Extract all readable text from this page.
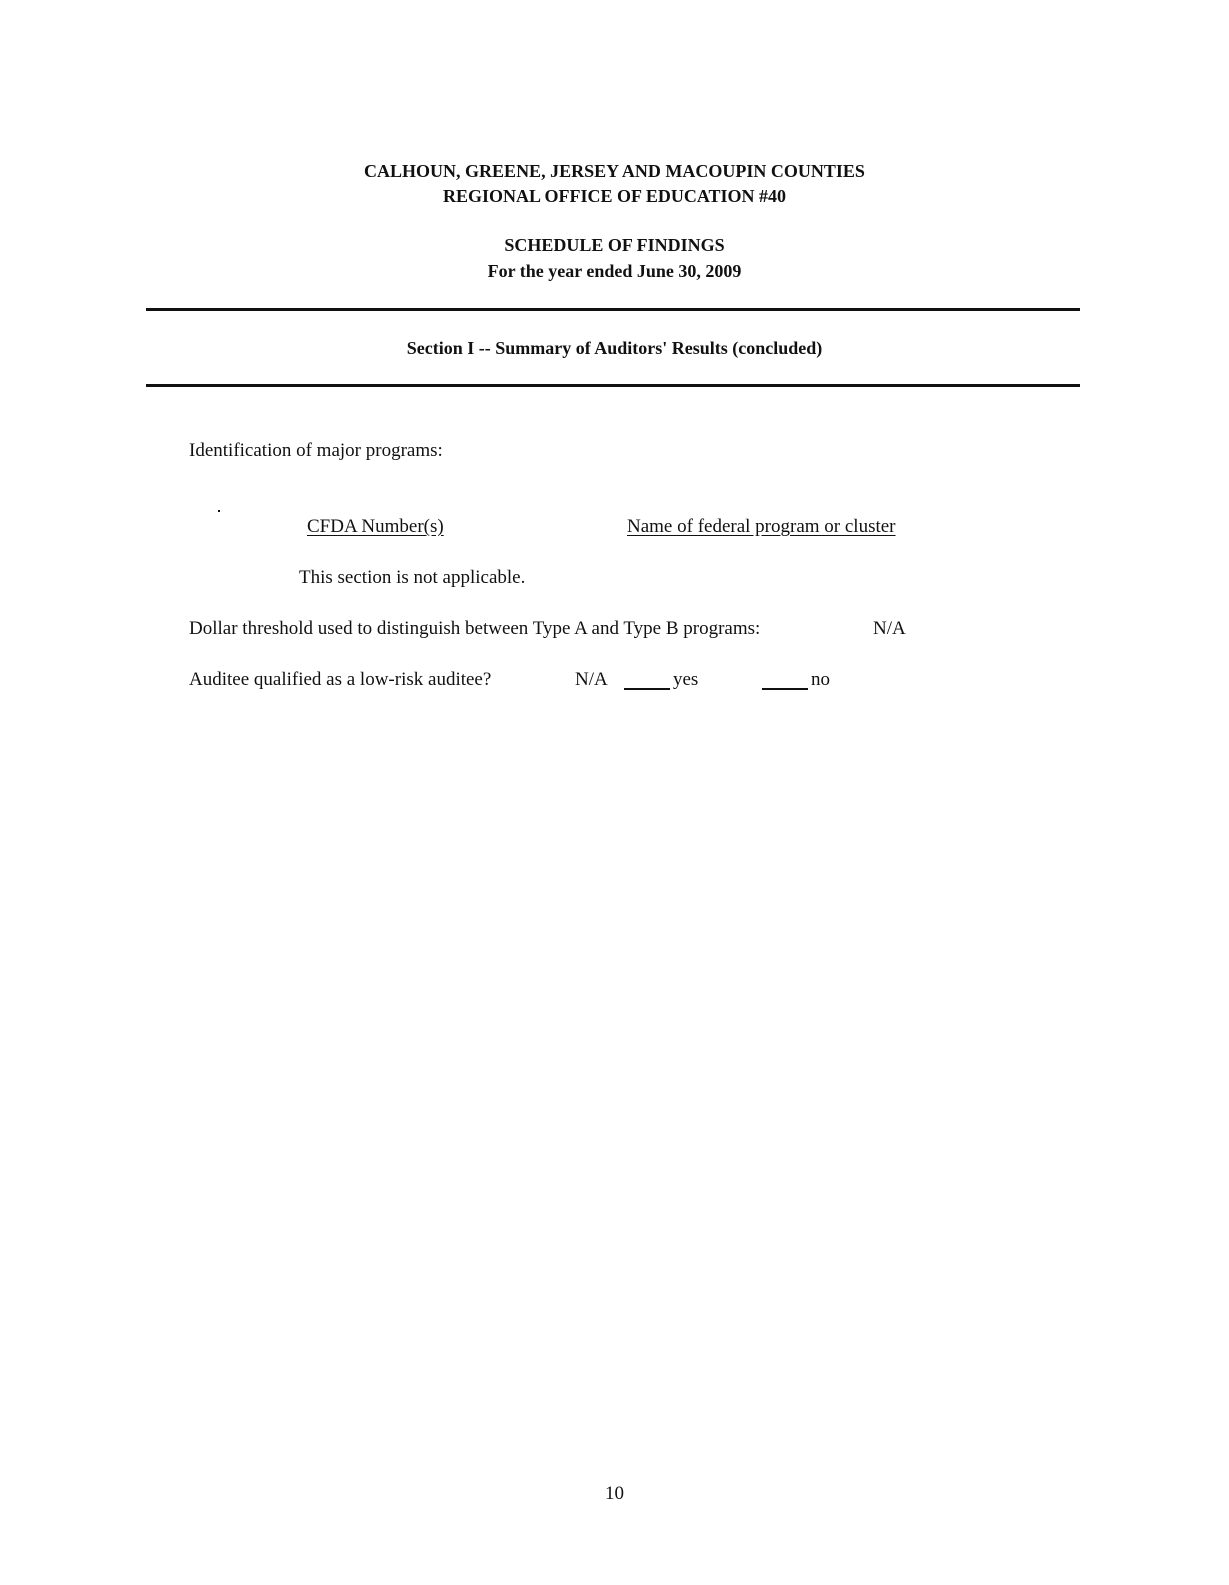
CALHOUN, GREENE, JERSEY AND MACOUPIN COUNTIES
REGIONAL OFFICE OF EDUCATION #40
SCHEDULE OF FINDINGS
For the year ended June 30, 2009
Section I -- Summary of Auditors' Results (concluded)
Identification of major programs:
CFDA Number(s)	Name of federal program or cluster
This section is not applicable.
Dollar threshold used to distinguish between Type A and Type B programs:	N/A
Auditee qualified as a low-risk auditee?	N/A	yes	no
10
